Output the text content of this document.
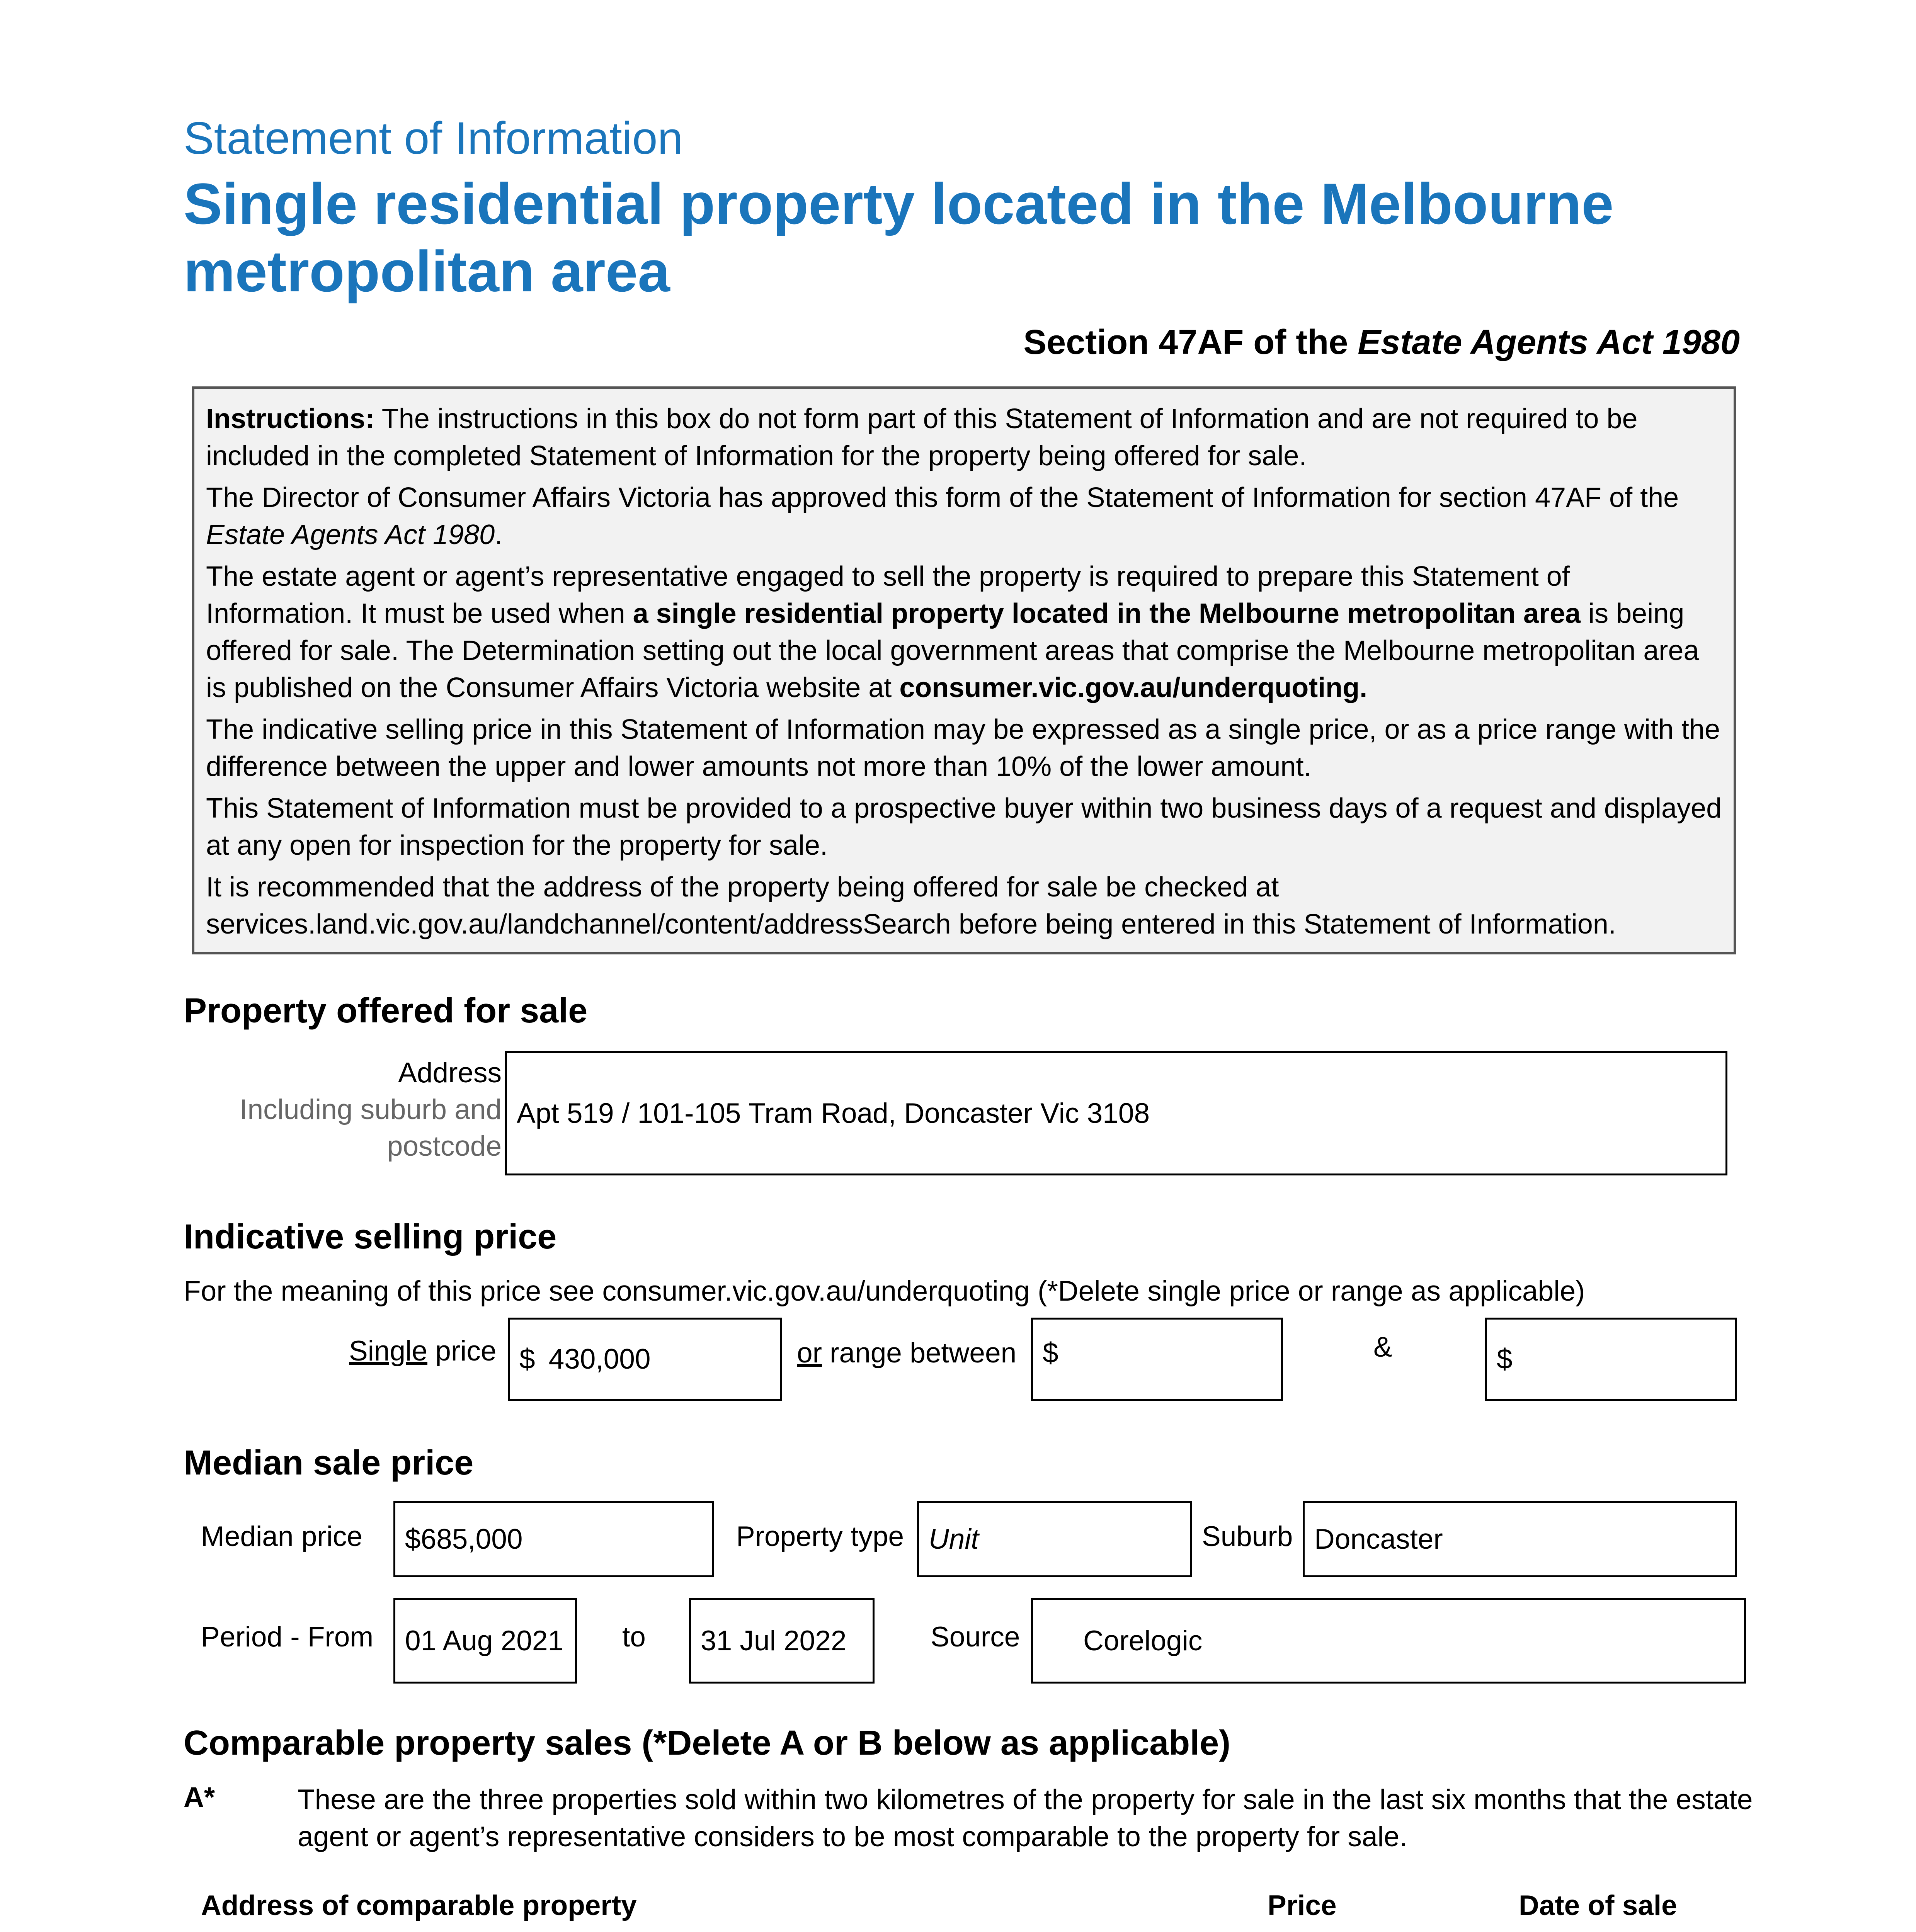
Statement of Information
Single residential property located in the Melbourne metropolitan area
Section 47AF of the Estate Agents Act 1980

Instructions: The instructions in this box do not form part of this Statement of Information and are not required to be included in the completed Statement of Information for the property being offered for sale.

The Director of Consumer Affairs Victoria has approved this form of the Statement of Information for section 47AF of the Estate Agents Act 1980.

The estate agent or agent’s representative engaged to sell the property is required to prepare this Statement of Information. It must be used when a single residential property located in the Melbourne metropolitan area is being offered for sale. The Determination setting out the local government areas that comprise the Melbourne metropolitan area is published on the Consumer Affairs Victoria website at consumer.vic.gov.au/underquoting.

The indicative selling price in this Statement of Information may be expressed as a single price, or as a price range with the difference between the upper and lower amounts not more than 10% of the lower amount.

This Statement of Information must be provided to a prospective buyer within two business days of a request and displayed at any open for inspection for the property for sale.

It is recommended that the address of the property being offered for sale be checked at services.land.vic.gov.au/landchannel/content/addressSearch before being entered in this Statement of Information.

Property offered for sale
Address
Including suburb and
postcode
Apt 519 / 101-105 Tram Road, Doncaster Vic 3108
Indicative selling price
For the meaning of this price see consumer.vic.gov.au/underquoting (*Delete single price or range as applicable)
Single price $ 430,000	or range between $	&	$
Median sale price
Median price	$685,000	Property type Unit	Suburb Doncaster
Period - From	01 Aug 2021	to	31 Jul 2022	Source	Corelogic
Comparable property sales (*Delete A or B below as applicable)
A*	These are the three properties sold within two kilometres of the property for sale in the last six months that the estate agent or agent’s representative considers to be most comparable to the property for sale.
Address of comparable property	Price	Date of sale
